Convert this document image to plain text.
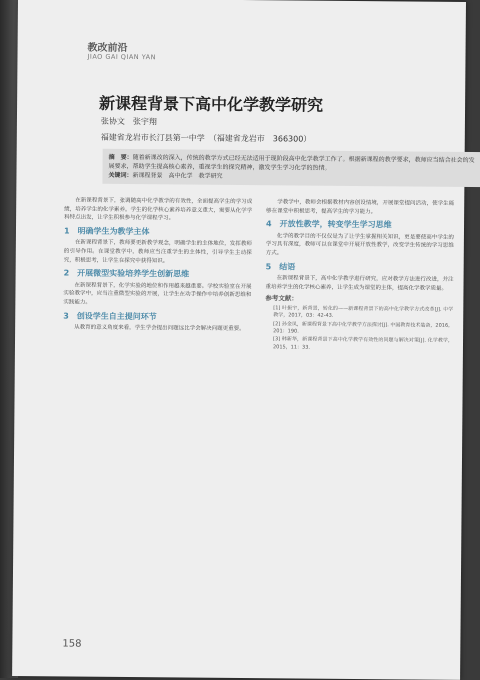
教改前沿
JIAO GAI QIAN YAN
新课程背景下高中化学教学研究
张协文　张宇翔
福建省龙岩市长汀县第一中学　（福建省龙岩市　366300）
摘　要：随着新课改的深入，传统的教学方式已经无法适用于现阶段高中化学教学工作了。根据新课程的教学要求，教师应当结合社会的发展要求，帮助学生提高核心素养，重视学生的探究精神，激发学生学习化学的热情。
关键词：新课程背景　高中化学　教学研究

在新课程背景下，张调随高中化学教学的有效性，全面提高学生的学习成绩，培养学生的化学素养。学生的化学核心素养培养意义重大，需要从化学学科特点出发，让学生积极参与化学课程学习。

1　明确学生为教学主体

在新课程背景下，教师要更新教学观念，明确学生的主体地位，发挥教师的引导作用。在课堂教学中，教师应当注重学生的主体性，引导学生主动探究，积极思考，让学生在探究中获得知识。

2　开展微型实验培养学生创新思维

在新课程背景下，化学实验的地位和作用越来越重要。学校实验室在开展实验教学中，应当注重微型实验的开展，让学生在动手操作中培养创新思维和实践能力。

3　创设学生自主提问环节

从教育的意义角度来看，学生学会提出问题远比学会解决问题更重要。

学教学中，教师会根据教材内容创设情境，开展课堂提问活动，使学生能够在课堂中积极思考，提高学生的学习能力。

4　开放性教学，转变学生学习思维

化学的教学目的不仅仅是为了让学生掌握相关知识，更是要使高中学生的学习具有深度，教师可以在课堂中开展开放性教学，改变学生传统的学习思维方式。

5　结语

在新课程背景下，高中化学教学进行研究，应对教学方法进行改进，并注重培养学生的化学核心素养，让学生成为课堂的主体，提高化学教学质量。

参考文献：

[1] 叶振宇，新背景，转化的——新课程背景下的高中化学教学方式改革[J]. 中学教学，2017，03：42-43.

[2] 孙金凤，新课程背景下高中化学教学方法探讨[J]. 中国教育技术装备，2016，201：190.

[3] 韩新华，新课程背景下高中化学教学有效性的问题与解决对策[J]. 化学教学，2015，11：33.

158
